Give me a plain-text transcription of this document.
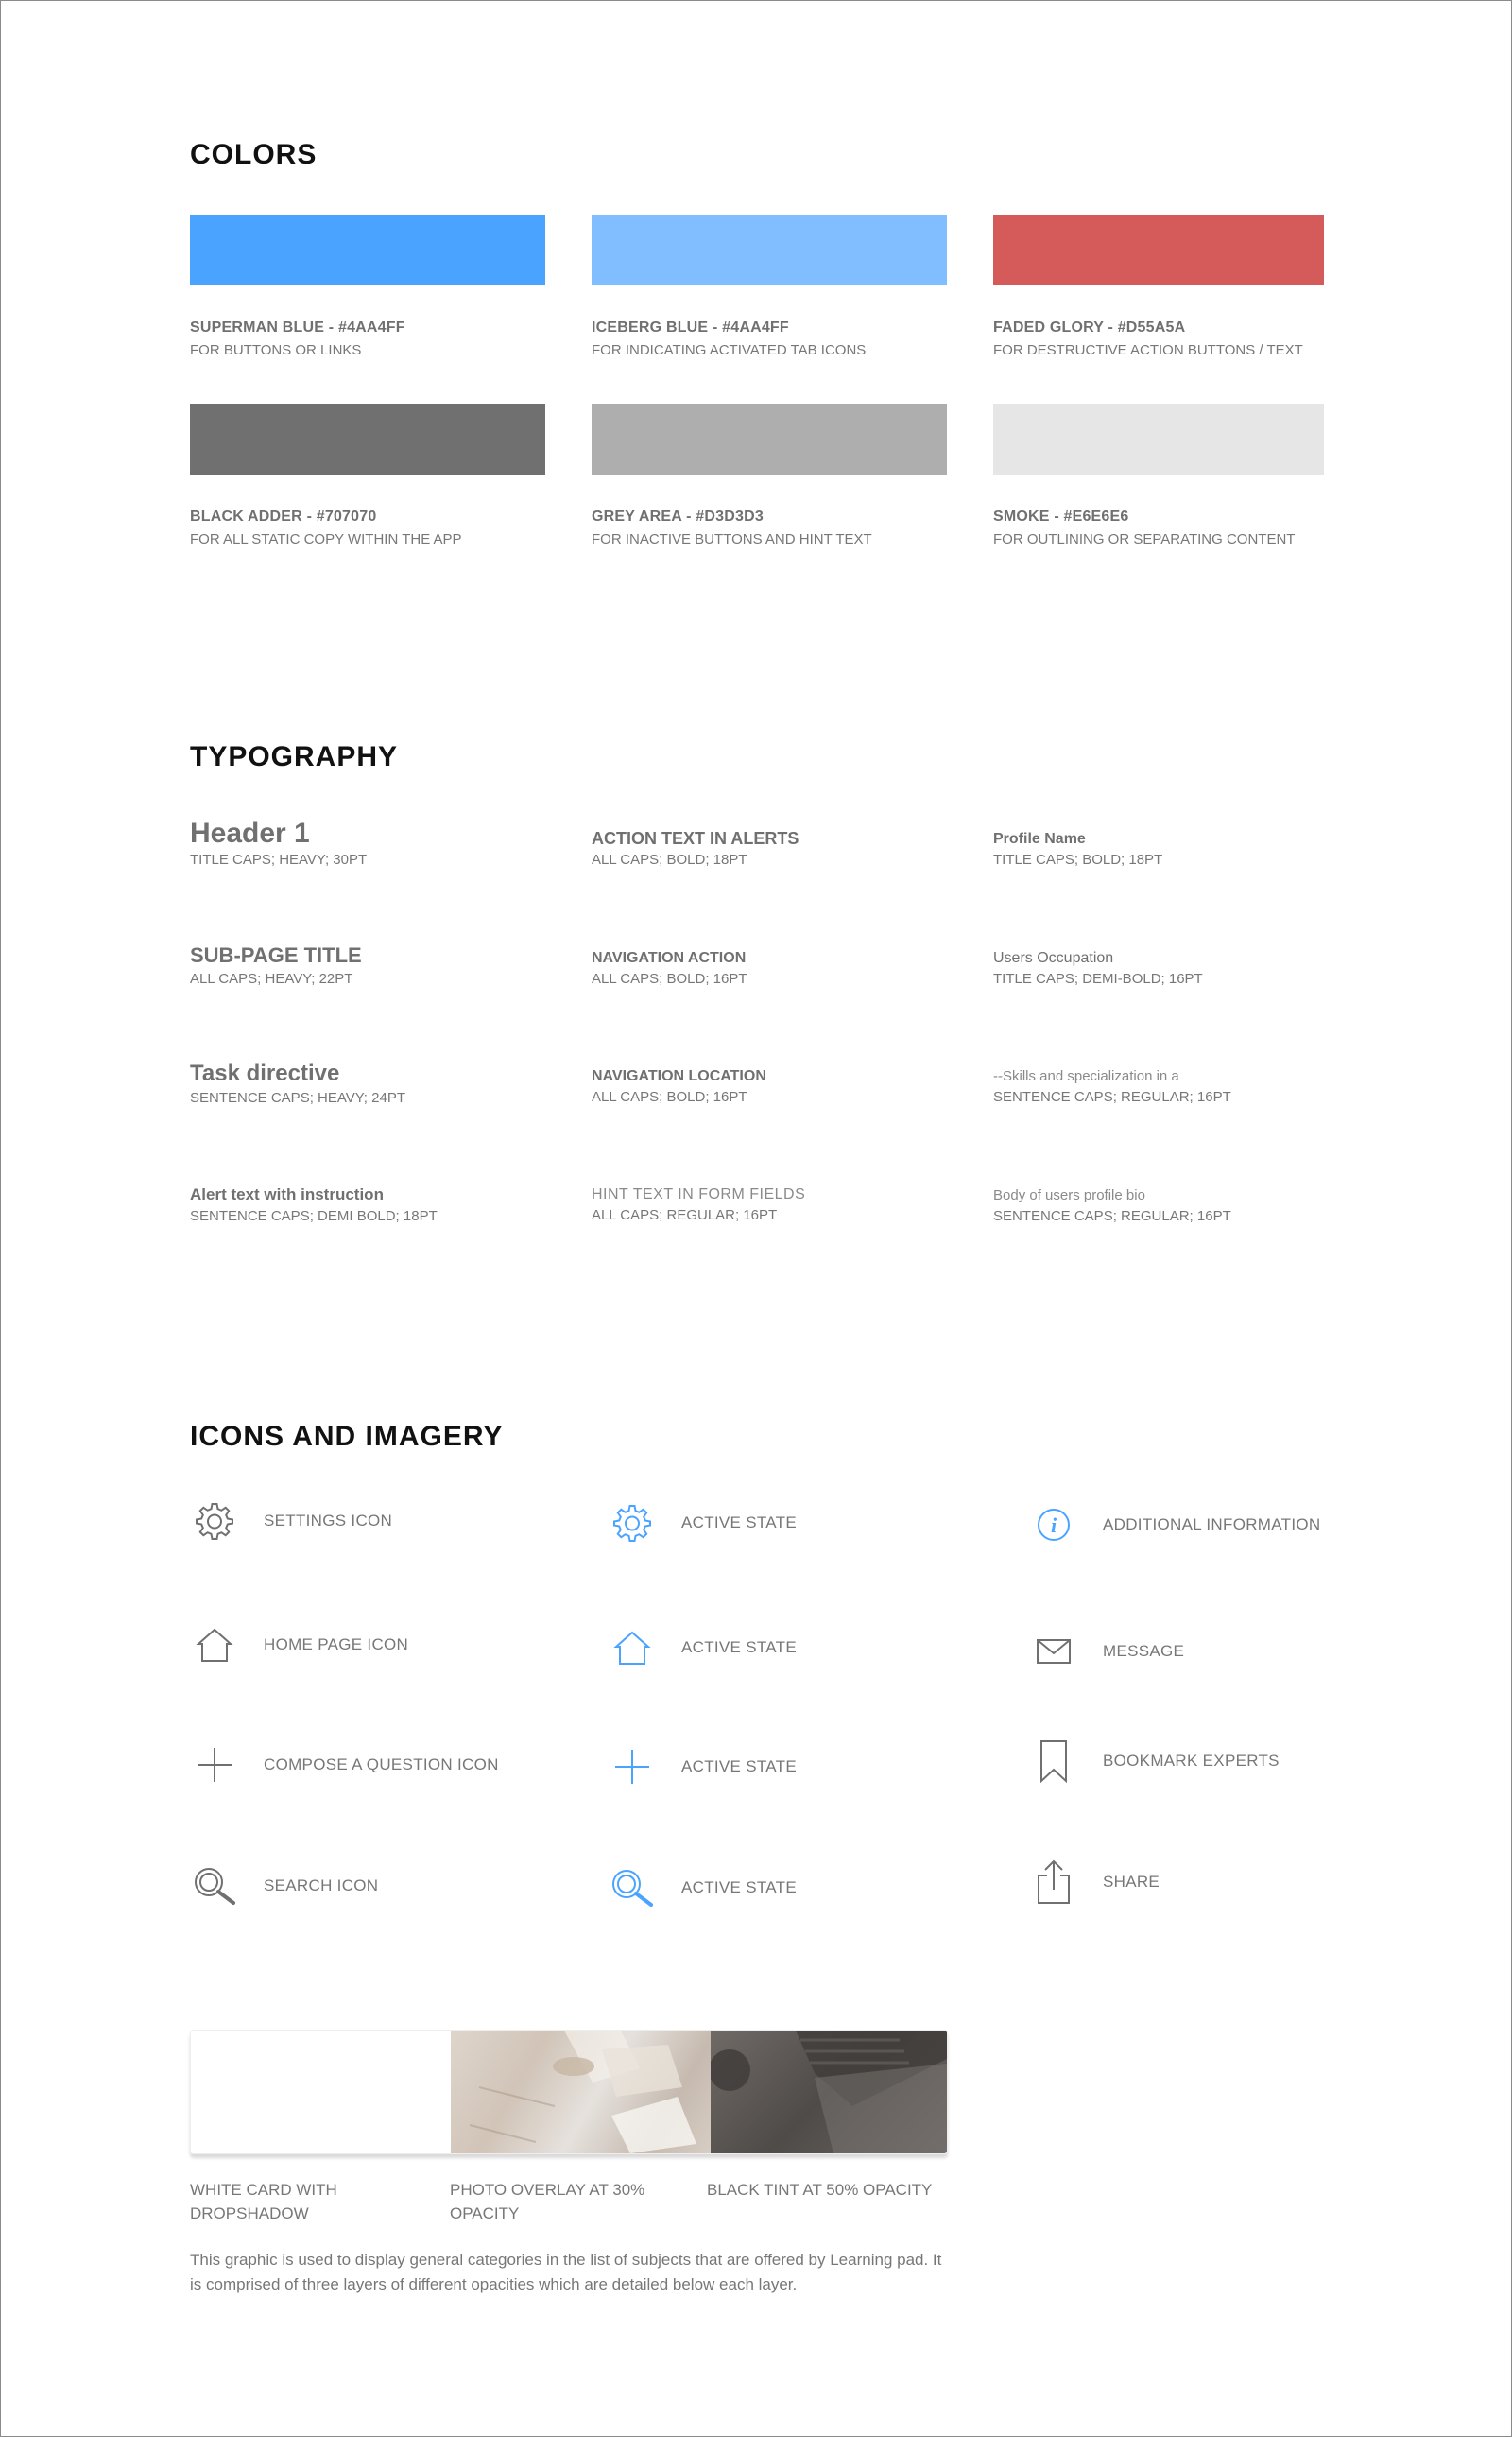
COLORS
SUPERMAN BLUE - #4AA4FF
FOR BUTTONS OR LINKS
ICEBERG BLUE - #4AA4FF
FOR INDICATING ACTIVATED TAB ICONS
FADED GLORY - #D55A5A
FOR DESTRUCTIVE ACTION BUTTONS / TEXT
BLACK ADDER - #707070
FOR ALL STATIC COPY WITHIN THE APP
GREY AREA - #D3D3D3
FOR INACTIVE BUTTONS AND HINT TEXT
SMOKE - #E6E6E6
FOR OUTLINING OR SEPARATING CONTENT
TYPOGRAPHY
Header 1
TITLE CAPS; HEAVY; 30PT
ACTION TEXT IN ALERTS
ALL CAPS; BOLD; 18PT
Profile Name
TITLE CAPS; BOLD; 18PT
SUB-PAGE TITLE
ALL CAPS; HEAVY; 22PT
NAVIGATION ACTION
ALL CAPS; BOLD; 16PT
Users Occupation
TITLE CAPS; DEMI-BOLD; 16PT
Task directive
SENTENCE CAPS; HEAVY; 24PT
NAVIGATION LOCATION
ALL CAPS; BOLD; 16PT
--Skills and specialization in a
SENTENCE CAPS; REGULAR; 16PT
Alert text with instruction
SENTENCE CAPS; DEMI BOLD; 18PT
HINT TEXT IN FORM FIELDS
ALL CAPS; REGULAR; 16PT
Body of users profile bio
SENTENCE CAPS; REGULAR; 16PT
ICONS AND IMAGERY
SETTINGS ICON	ACTIVE STATE	i	ADDITIONAL INFORMATION
HOME PAGE ICON	ACTIVE STATE	MESSAGE
COMPOSE A QUESTION ICON	ACTIVE STATE	BOOKMARK EXPERTS
SEARCH ICON	ACTIVE STATE	SHARE
WHITE CARD WITH DROPSHADOW
PHOTO OVERLAY AT 30% OPACITY
BLACK TINT AT 50% OPACITY
This graphic is used to display general categories in the list of subjects that are offered by Learning pad. It is comprised of three layers of different opacities which are detailed below each layer.
